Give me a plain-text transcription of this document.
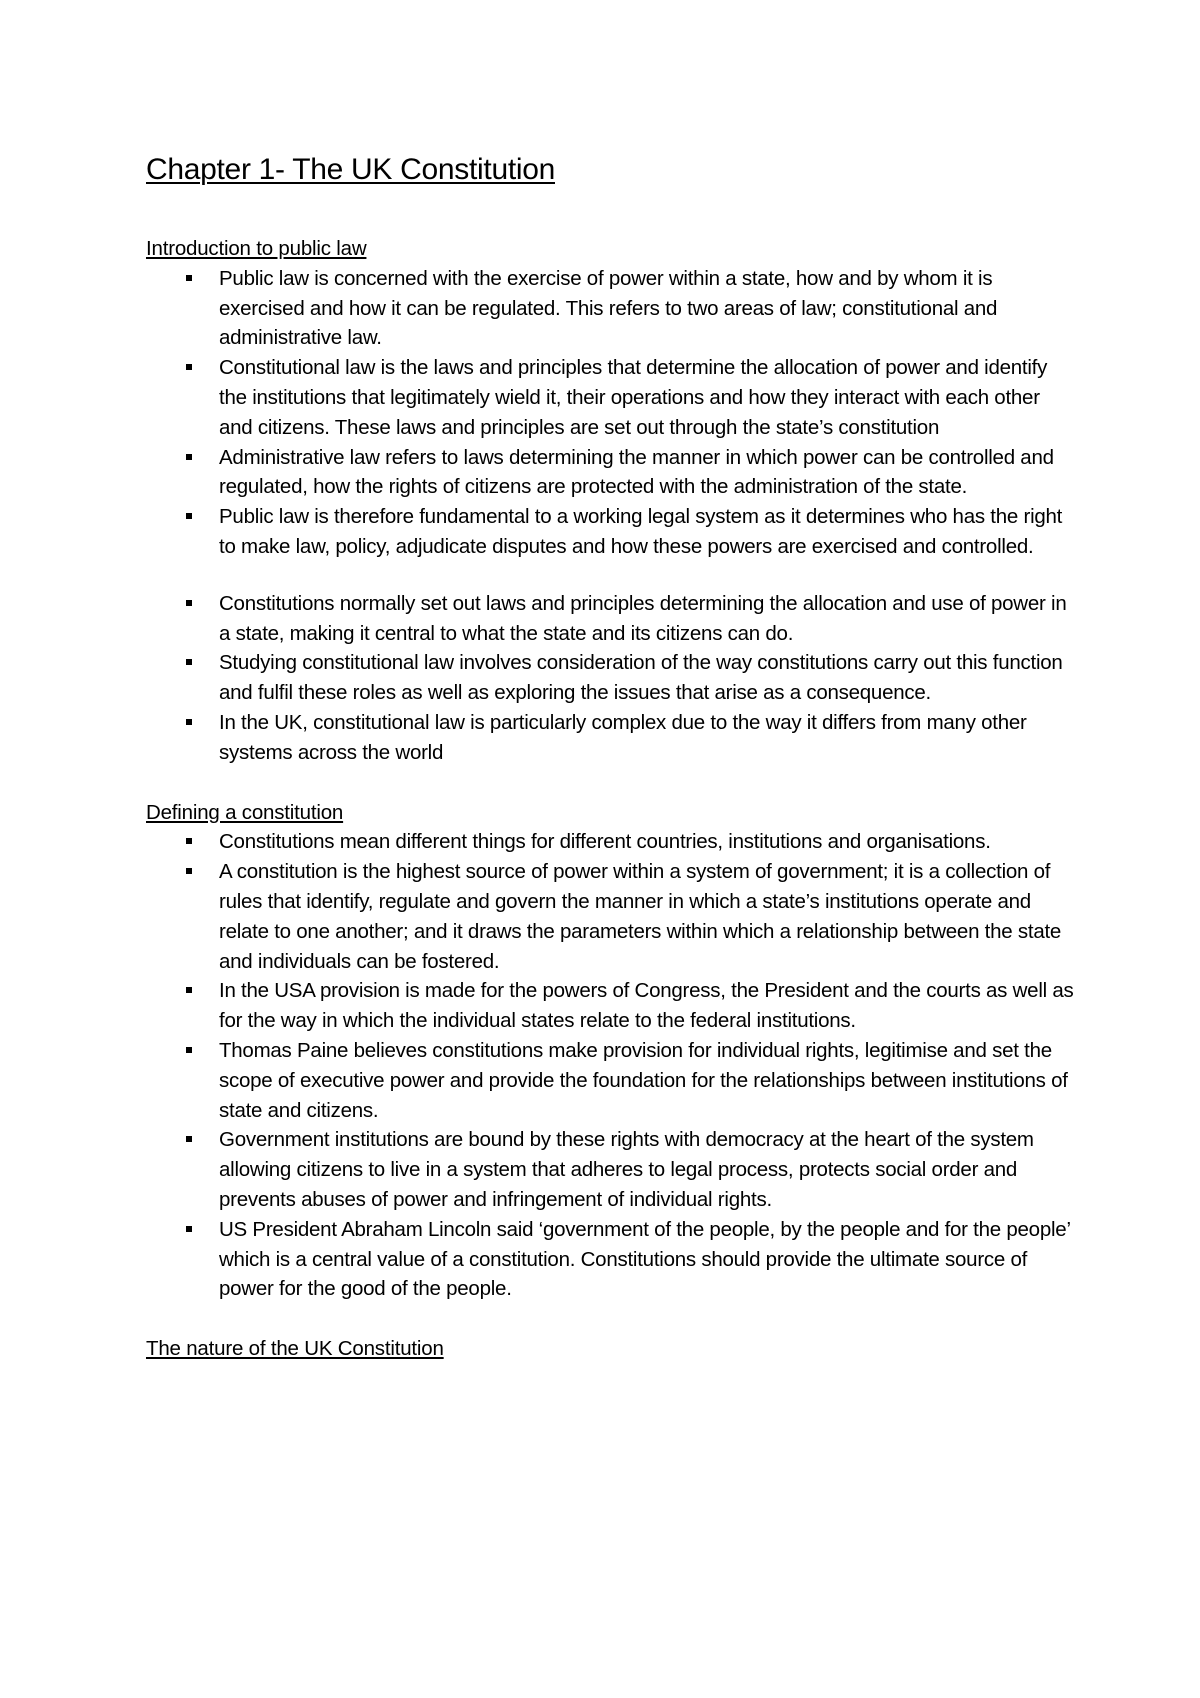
Chapter 1- The UK Constitution
Introduction to public law
Public law is concerned with the exercise of power within a state, how and by whom it is exercised and how it can be regulated. This refers to two areas of law; constitutional and administrative law.
Constitutional law is the laws and principles that determine the allocation of power and identify the institutions that legitimately wield it, their operations and how they interact with each other and citizens. These laws and principles are set out through the state’s constitution
Administrative law refers to laws determining the manner in which power can be controlled and regulated, how the rights of citizens are protected with the administration of the state.
Public law is therefore fundamental to a working legal system as it determines who has the right to make law, policy, adjudicate disputes and how these powers are exercised and controlled.
Constitutions normally set out laws and principles determining the allocation and use of power in a state, making it central to what the state and its citizens can do.
Studying constitutional law involves consideration of the way constitutions carry out this function and fulfil these roles as well as exploring the issues that arise as a consequence.
In the UK, constitutional law is particularly complex due to the way it differs from many other systems across the world
Defining a constitution
Constitutions mean different things for different countries, institutions and organisations.
A constitution is the highest source of power within a system of government; it is a collection of rules that identify, regulate and govern the manner in which a state’s institutions operate and relate to one another; and it draws the parameters within which a relationship between the state and individuals can be fostered.
In the USA provision is made for the powers of Congress, the President and the courts as well as for the way in which the individual states relate to the federal institutions.
Thomas Paine believes constitutions make provision for individual rights, legitimise and set the scope of executive power and provide the foundation for the relationships between institutions of state and citizens.
Government institutions are bound by these rights with democracy at the heart of the system allowing citizens to live in a system that adheres to legal process, protects social order and prevents abuses of power and infringement of individual rights.
US President Abraham Lincoln said ‘government of the people, by the people and for the people’ which is a central value of a constitution. Constitutions should provide the ultimate source of power for the good of the people.
The nature of the UK Constitution
